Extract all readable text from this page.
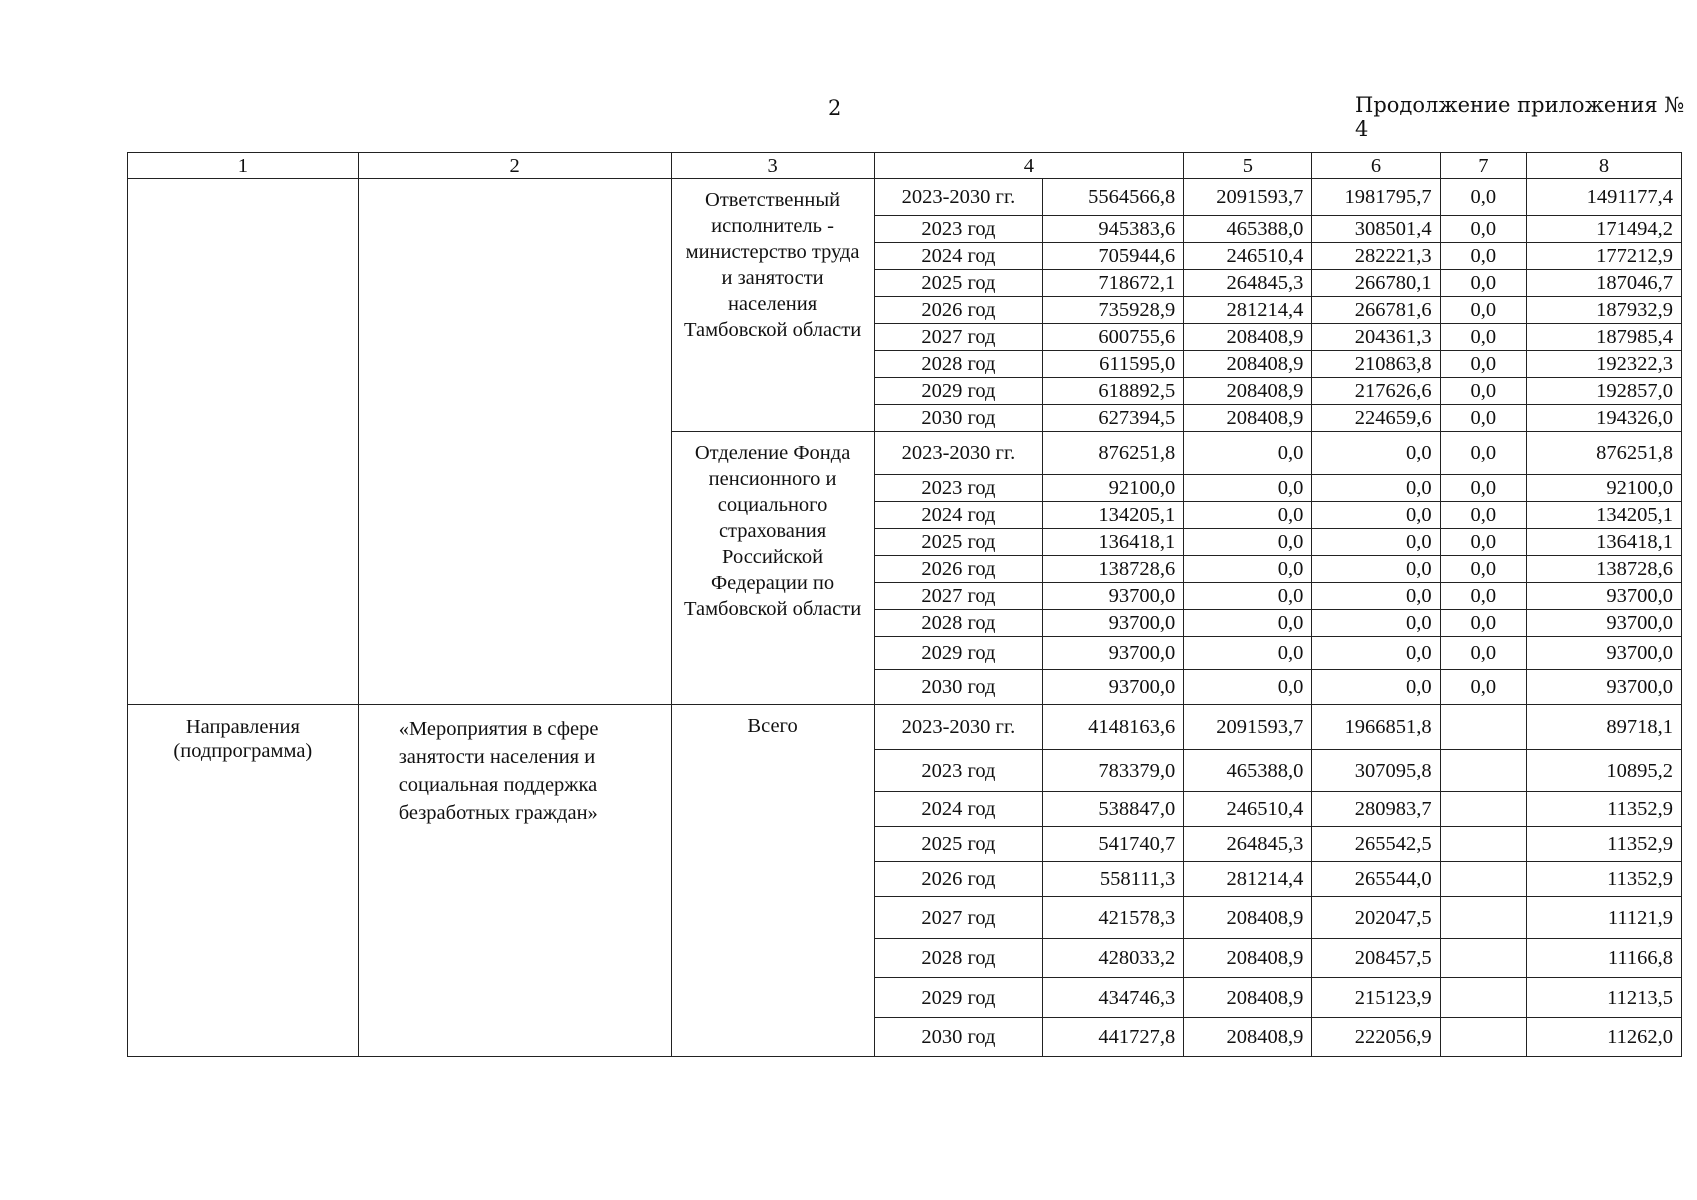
2	Продолжение приложения № 4
1	2	3	4		5	6	7	8
		Ответственный исполнитель - министерство труда и занятости населения Тамбовской области	2023-2030 гг.	5564566,8	2091593,7	1981795,7	0,0	1491177,4
			2023 год	945383,6	465388,0	308501,4	0,0	171494,2
			2024 год	705944,6	246510,4	282221,3	0,0	177212,9
			2025 год	718672,1	264845,3	266780,1	0,0	187046,7
			2026 год	735928,9	281214,4	266781,6	0,0	187932,9
			2027 год	600755,6	208408,9	204361,3	0,0	187985,4
			2028 год	611595,0	208408,9	210863,8	0,0	192322,3
			2029 год	618892,5	208408,9	217626,6	0,0	192857,0
			2030 год	627394,5	208408,9	224659,6	0,0	194326,0
		Отделение Фонда пенсионного и социального страхования Российской Федерации по Тамбовской области	2023-2030 гг.	876251,8	0,0	0,0	0,0	876251,8
			2023 год	92100,0	0,0	0,0	0,0	92100,0
			2024 год	134205,1	0,0	0,0	0,0	134205,1
			2025 год	136418,1	0,0	0,0	0,0	136418,1
			2026 год	138728,6	0,0	0,0	0,0	138728,6
			2027 год	93700,0	0,0	0,0	0,0	93700,0
			2028 год	93700,0	0,0	0,0	0,0	93700,0
			2029 год	93700,0	0,0	0,0	0,0	93700,0
			2030 год	93700,0	0,0	0,0	0,0	93700,0
Направления (подпрограмма)	«Мероприятия в сфере занятости населения и социальная поддержка безработных граждан»	Всего	2023-2030 гг.	4148163,6	2091593,7	1966851,8		89718,1
			2023 год	783379,0	465388,0	307095,8		10895,2
			2024 год	538847,0	246510,4	280983,7		11352,9
			2025 год	541740,7	264845,3	265542,5		11352,9
			2026 год	558111,3	281214,4	265544,0		11352,9
			2027 год	421578,3	208408,9	202047,5		11121,9
			2028 год	428033,2	208408,9	208457,5		11166,8
			2029 год	434746,3	208408,9	215123,9		11213,5
			2030 год	441727,8	208408,9	222056,9		11262,0
